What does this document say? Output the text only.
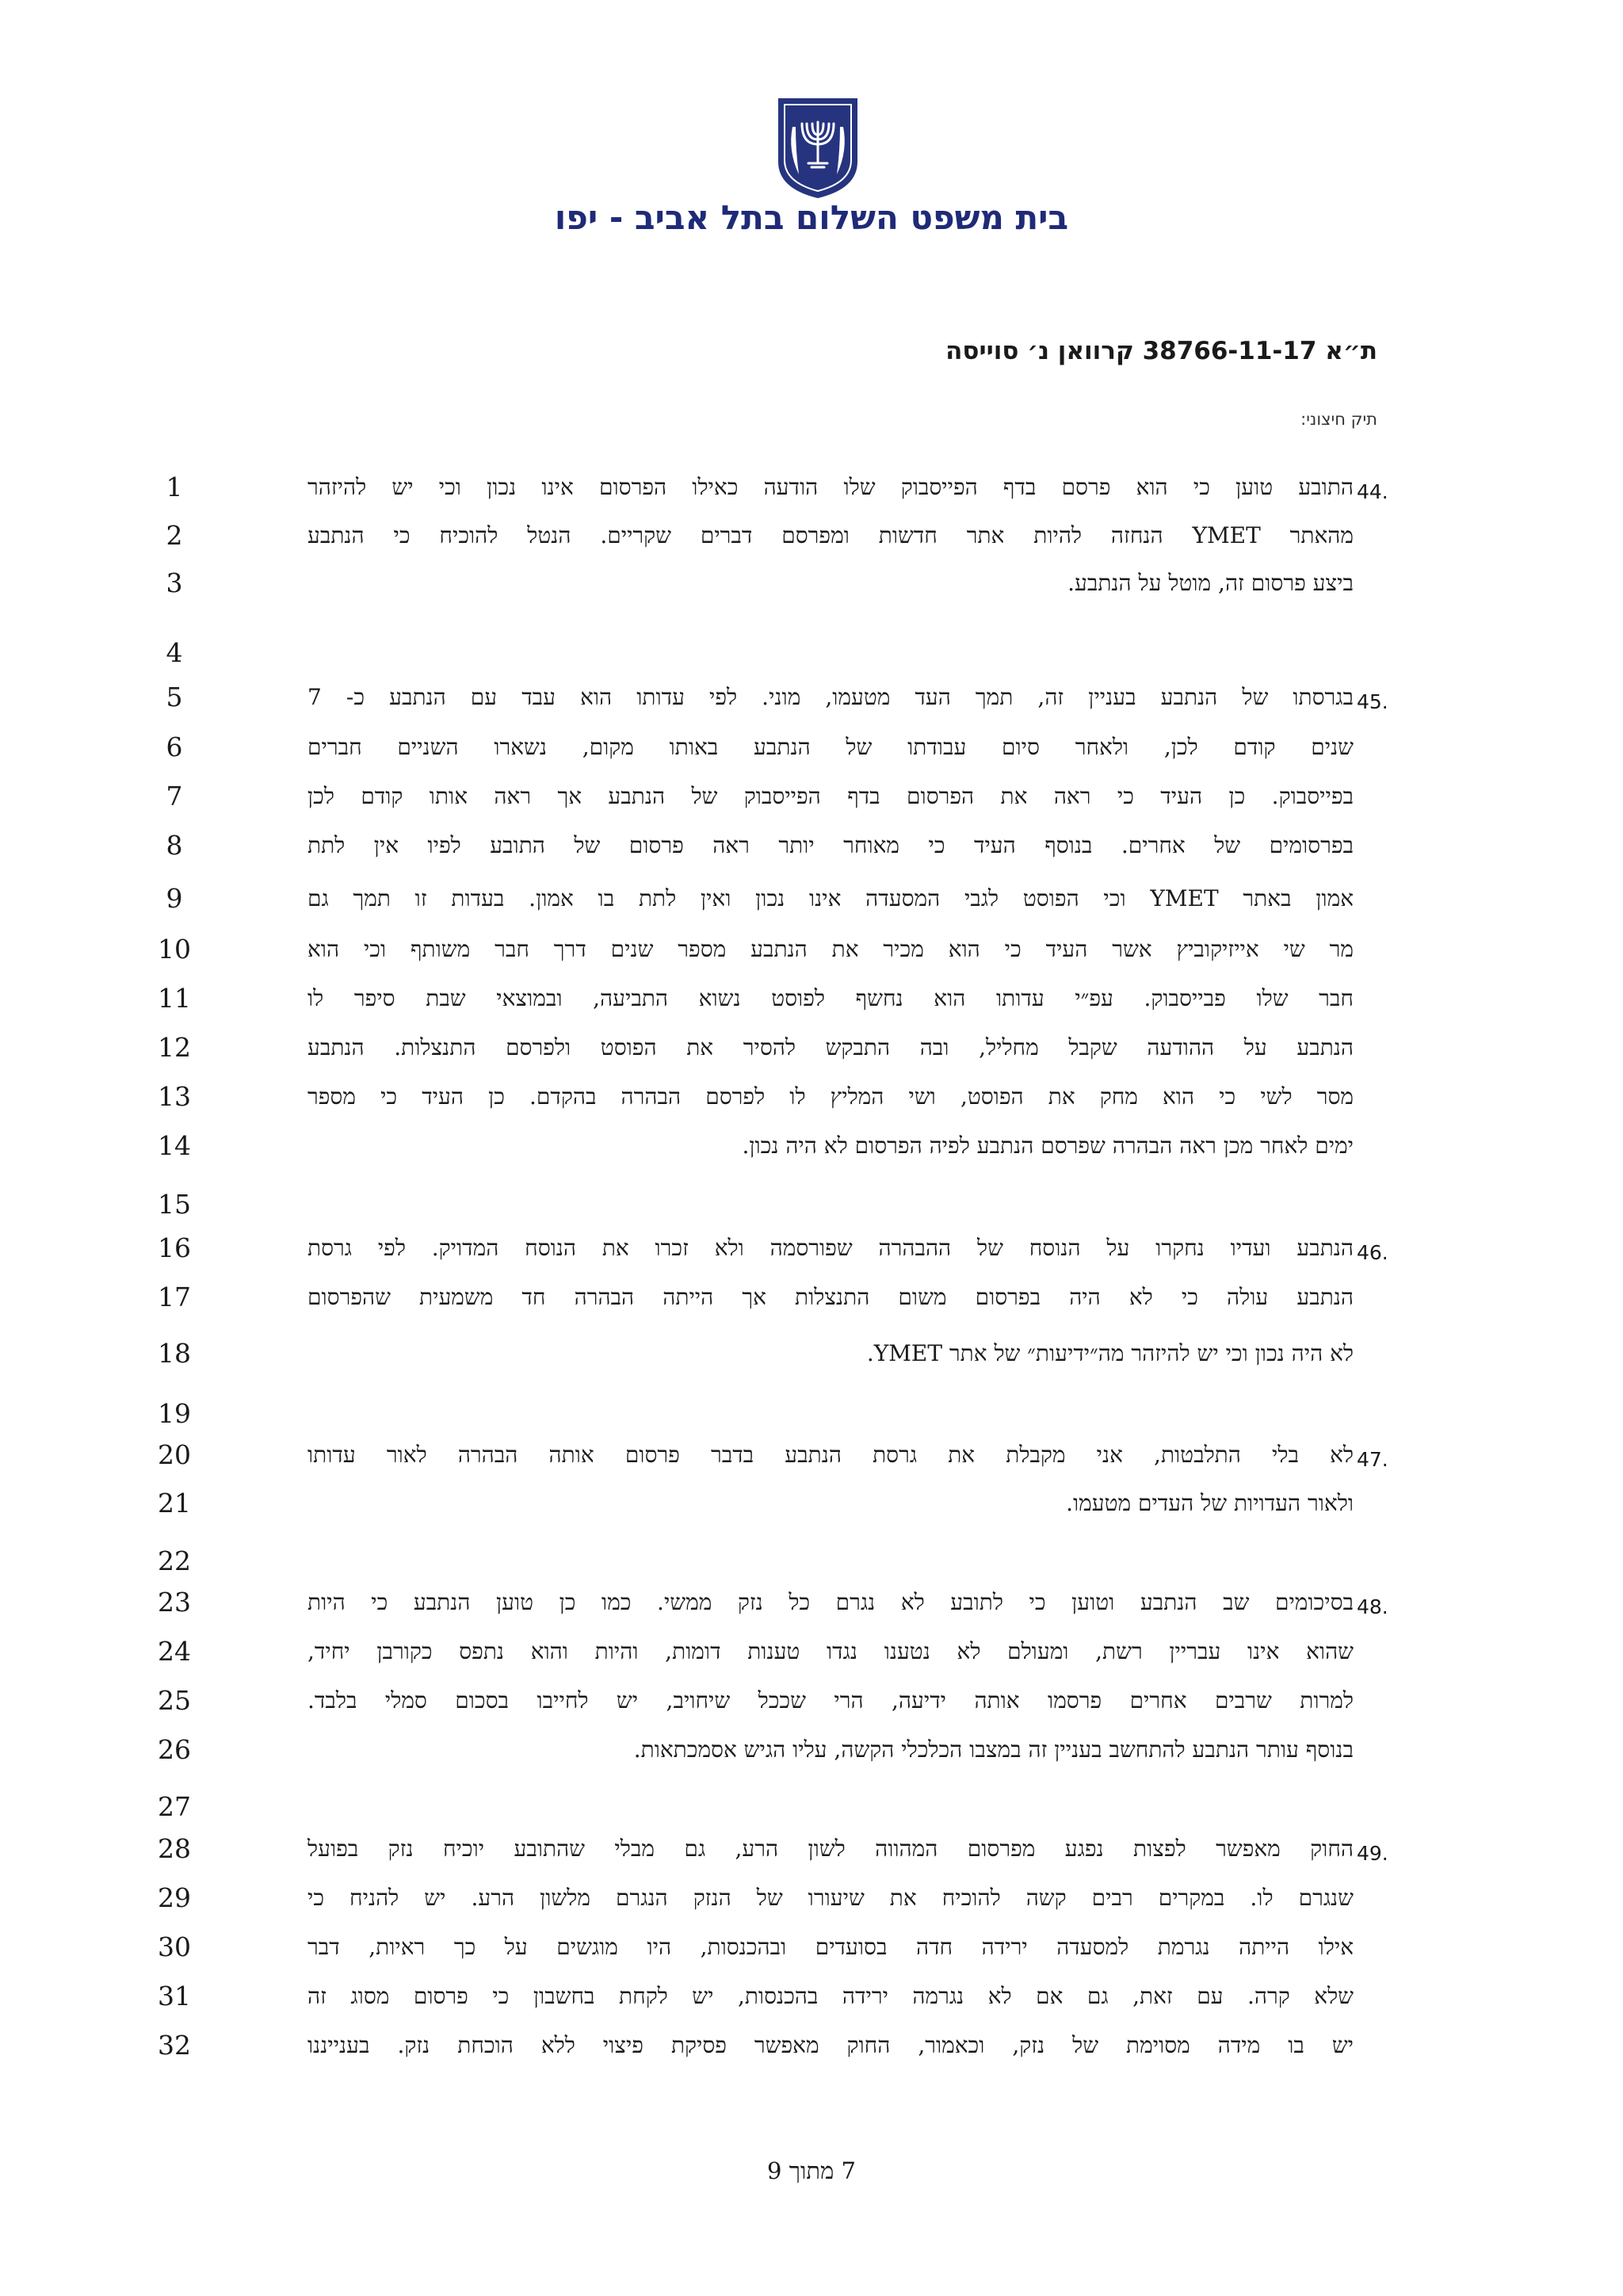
בית משפט השלום בתל אביב - יפו
ת״א 38766-11-17 קרוואן נ׳ סוייסה
תיק חיצוני:
1
2
3
4
5
6
7
8
9
10
11
12
13
14
15
16
17
18
19
20
21
22
23
24
25
26
27
28
29
30
31
32
44.
התובע טוען כי הוא פרסם בדף הפייסבוק שלו הודעה כאילו הפרסום אינו נכון וכי יש להיזהר
מהאתר YMET הנחזה להיות אתר חדשות ומפרסם דברים שקריים. הנטל להוכיח כי הנתבע
ביצע פרסום זה, מוטל על הנתבע.
45.
בגרסתו של הנתבע בעניין זה, תמך העד מטעמו, מוני. לפי עדותו הוא עבד עם הנתבע כ- 7
שנים קודם לכן, ולאחר סיום עבודתו של הנתבע באותו מקום, נשארו השניים חברים
בפייסבוק. כן העיד כי ראה את הפרסום בדף הפייסבוק של הנתבע אך ראה אותו קודם לכן
בפרסומים של אחרים. בנוסף העיד כי מאוחר יותר ראה פרסום של התובע לפיו אין לתת
אמון באתר YMET וכי הפוסט לגבי המסעדה אינו נכון ואין לתת בו אמון. בעדות זו תמך גם
מר שי אייזיקוביץ אשר העיד כי הוא מכיר את הנתבע מספר שנים דרך חבר משותף וכי הוא
חבר שלו פבייסבוק. עפ״י עדותו הוא נחשף לפוסט נשוא התביעה, ובמוצאי שבת סיפר לו
הנתבע על ההודעה שקבל מחליל, ובה התבקש להסיר את הפוסט ולפרסם התנצלות. הנתבע
מסר לשי כי הוא מחק את הפוסט, ושי המליץ לו לפרסם הבהרה בהקדם. כן העיד כי מספר
ימים לאחר מכן ראה הבהרה שפרסם הנתבע לפיה הפרסום לא היה נכון.
46.
הנתבע ועדיו נחקרו על הנוסח של ההבהרה שפורסמה ולא זכרו את הנוסח המדויק. לפי גרסת
הנתבע עולה כי לא היה בפרסום משום התנצלות אך הייתה הבהרה חד משמעית שהפרסום
לא היה נכון וכי יש להיזהר מה״ידיעות״ של אתר YMET.
47.
לא בלי התלבטות, אני מקבלת את גרסת הנתבע בדבר פרסום אותה הבהרה לאור עדותו
ולאור העדויות של העדים מטעמו.
48.
בסיכומים שב הנתבע וטוען כי לתובע לא נגרם כל נזק ממשי. כמו כן טוען הנתבע כי היות
שהוא אינו עבריין רשת, ומעולם לא נטענו נגדו טענות דומות, והיות והוא נתפס כקורבן יחיד,
למרות שרבים אחרים פרסמו אותה ידיעה, הרי שככל שיחויב, יש לחייבו בסכום סמלי בלבד.
בנוסף עותר הנתבע להתחשב בעניין זה במצבו הכלכלי הקשה, עליו הגיש אסמכתאות.
49.
החוק מאפשר לפצות נפגע מפרסום המהווה לשון הרע, גם מבלי שהתובע יוכיח נזק בפועל
שנגרם לו. במקרים רבים קשה להוכיח את שיעורו של הנזק הנגרם מלשון הרע. יש להניח כי
אילו הייתה נגרמת למסעדה ירידה חדה בסועדים ובהכנסות, היו מוגשים על כך ראיות, דבר
שלא קרה. עם זאת, גם אם לא נגרמה ירידה בהכנסות, יש לקחת בחשבון כי פרסום מסוג זה
יש בו מידה מסוימת של נזק, וכאמור, החוק מאפשר פסיקת פיצוי ללא הוכחת נזק. בענייננו
7 מתוך 9
